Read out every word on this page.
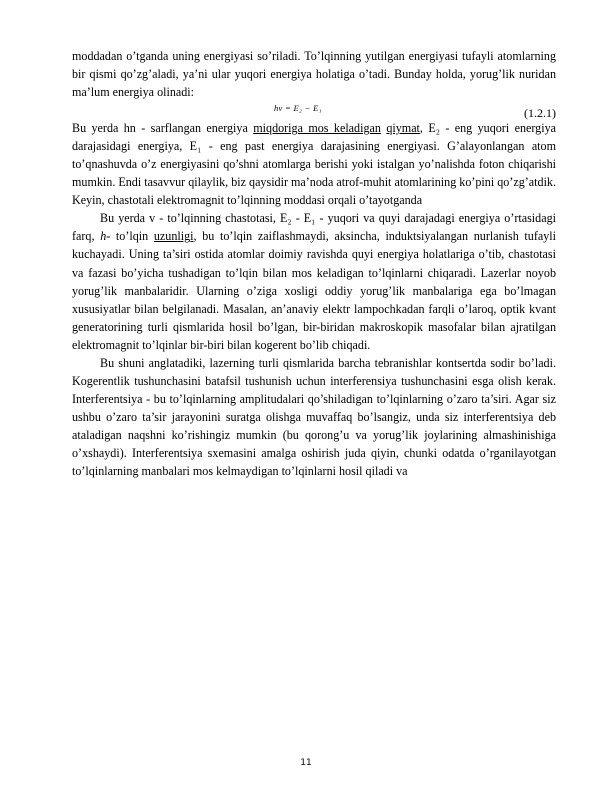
moddadan o’tganda uning energiyasi so’riladi. To’lqinning yutilgan energiyasi tufayli atomlarning bir qismi qo’zg’aladi, ya’ni ular yuqori energiya holatiga o’tadi. Bunday holda, yorug’lik nuridan ma’lum energiya olinadi:

hν = E₂ − E₁	(1.2.1)

Bu yerda hn - sarflangan energiya miqdoriga mos keladigan qiymat, E₂ - eng yuqori energiya darajasidagi energiya, E₁ - eng past energiya darajasining energiyasi. G’alayonlangan atom to’qnashuvda o’z energiyasini qo’shni atomlarga berishi yoki istalgan yo’nalishda foton chiqarishi mumkin. Endi tasavvur qilaylik, biz qaysidir ma’noda atrof-muhit atomlarining ko’pini qo’zg’atdik. Keyin, chastotali elektromagnit to’lqinning moddasi orqali o’tayotganda

Bu yerda v - to’lqinning chastotasi, E₂ - E₁ - yuqori va quyi darajadagi energiya o’rtasidagi farq, h- to’lqin uzunligi, bu to’lqin zaiflashmaydi, aksincha, induktsiyalangan nurlanish tufayli kuchayadi. Uning ta’siri ostida atomlar doimiy ravishda quyi energiya holatlariga o’tib, chastotasi va fazasi bo’yicha tushadigan to’lqin bilan mos keladigan to’lqinlarni chiqaradi. Lazerlar noyob yorug’lik manbalaridir. Ularning o’ziga xosligi oddiy yorug’lik manbalariga ega bo’lmagan xususiyatlar bilan belgilanadi. Masalan, an’anaviy elektr lampochkadan farqli o’laroq, optik kvant generatorining turli qismlarida hosil bo’lgan, bir-biridan makroskopik masofalar bilan ajratilgan elektromagnit to’lqinlar bir-biri bilan kogerent bo’lib chiqadi.

Bu shuni anglatadiki, lazerning turli qismlarida barcha tebranishlar kontsertda sodir bo’ladi. Kogerentlik tushunchasini batafsil tushunish uchun interferensiya tushunchasini esga olish kerak. Interferentsiya - bu to’lqinlarning amplitudalari qo’shiladigan to’lqinlarning o’zaro ta’siri. Agar siz ushbu o’zaro ta’sir jarayonini suratga olishga muvaffaq bo’lsangiz, unda siz interferentsiya deb ataladigan naqshni ko’rishingiz mumkin (bu qorong’u va yorug’lik joylarining almashinishiga o’xshaydi). Interferentsiya sxemasini amalga oshirish juda qiyin, chunki odatda o’rganilayotgan to’lqinlarning manbalari mos kelmaydigan to’lqinlarni hosil qiladi va

11
